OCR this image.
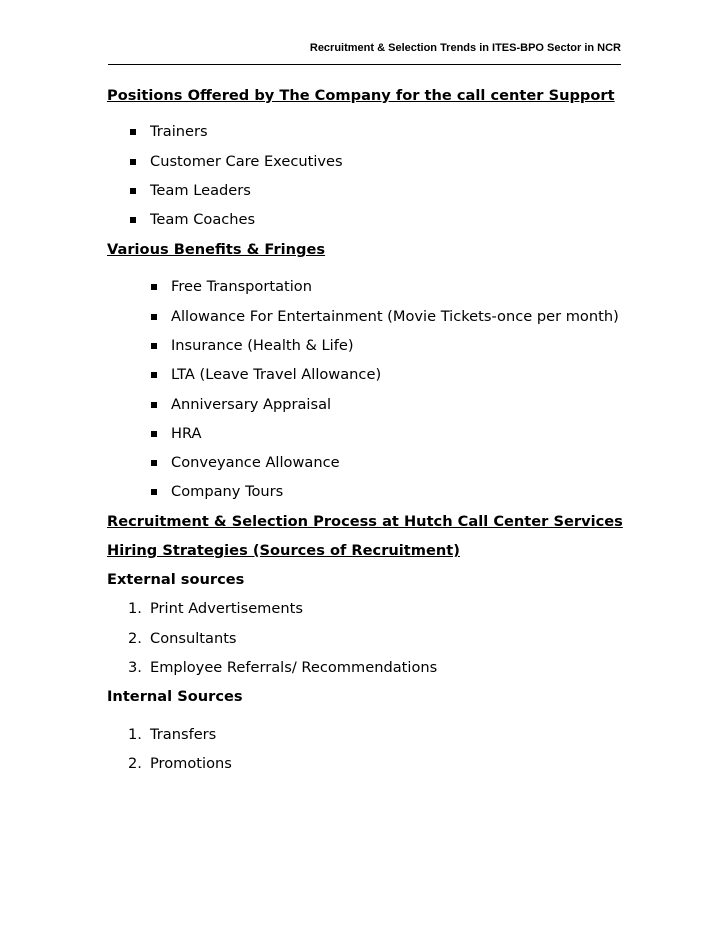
Recruitment & Selection Trends in ITES-BPO Sector in NCR
Positions Offered by The Company for the call center Support
Trainers
Customer Care Executives
Team Leaders
Team Coaches
Various Benefits & Fringes
Free Transportation
Allowance For Entertainment (Movie Tickets-once per month)
Insurance (Health & Life)
LTA (Leave Travel Allowance)
Anniversary Appraisal
HRA
Conveyance Allowance
Company Tours
Recruitment & Selection Process at Hutch Call Center Services
Hiring Strategies (Sources of Recruitment)
External sources
1. Print Advertisements
2. Consultants
3. Employee Referrals/ Recommendations
Internal Sources
1. Transfers
2. Promotions
